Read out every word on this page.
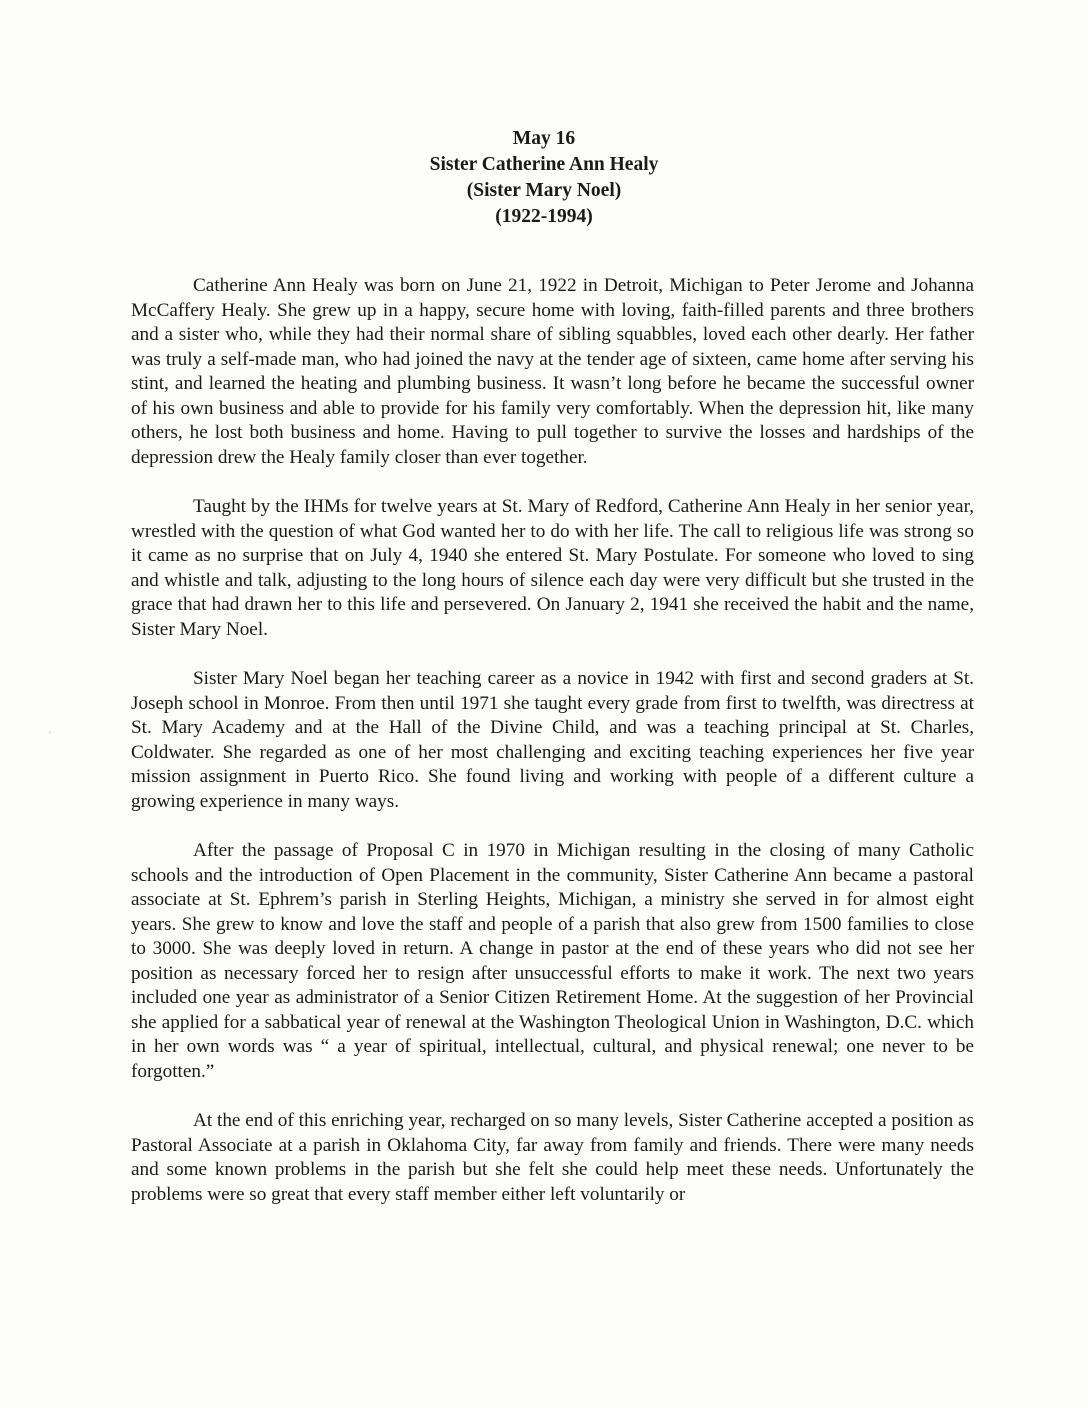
ˏ
May 16
Sister Catherine Ann Healy
(Sister Mary Noel)
(1922-1994)

Catherine Ann Healy was born on June 21, 1922 in Detroit, Michigan to Peter Jerome and Johanna McCaffery Healy. She grew up in a happy, secure home with loving, faith-filled parents and three brothers and a sister who, while they had their normal share of sibling squabbles, loved each other dearly. Her father was truly a self-made man, who had joined the navy at the tender age of sixteen, came home after serving his stint, and learned the heating and plumbing business. It wasn’t long before he became the successful owner of his own business and able to provide for his family very comfortably. When the depression hit, like many others, he lost both business and home. Having to pull together to survive the losses and hardships of the depression drew the Healy family closer than ever together.

Taught by the IHMs for twelve years at St. Mary of Redford, Catherine Ann Healy in her senior year, wrestled with the question of what God wanted her to do with her life. The call to religious life was strong so it came as no surprise that on July 4, 1940 she entered St. Mary Postulate. For someone who loved to sing and whistle and talk, adjusting to the long hours of silence each day were very difficult but she trusted in the grace that had drawn her to this life and persevered. On January 2, 1941 she received the habit and the name, Sister Mary Noel.

Sister Mary Noel began her teaching career as a novice in 1942 with first and second graders at St. Joseph school in Monroe. From then until 1971 she taught every grade from first to twelfth, was directress at St. Mary Academy and at the Hall of the Divine Child, and was a teaching principal at St. Charles, Coldwater. She regarded as one of her most challenging and exciting teaching experiences her five year mission assignment in Puerto Rico. She found living and working with people of a different culture a growing experience in many ways.

After the passage of Proposal C in 1970 in Michigan resulting in the closing of many Catholic schools and the introduction of Open Placement in the community, Sister Catherine Ann became a pastoral associate at St. Ephrem’s parish in Sterling Heights, Michigan, a ministry she served in for almost eight years. She grew to know and love the staff and people of a parish that also grew from 1500 families to close to 3000. She was deeply loved in return. A change in pastor at the end of these years who did not see her position as necessary forced her to resign after unsuccessful efforts to make it work. The next two years included one year as administrator of a Senior Citizen Retirement Home. At the suggestion of her Provincial she applied for a sabbatical year of renewal at the Washington Theological Union in Washington, D.C. which in her own words was “ a year of spiritual, intellectual, cultural, and physical renewal; one never to be forgotten.”

At the end of this enriching year, recharged on so many levels, Sister Catherine accepted a position as Pastoral Associate at a parish in Oklahoma City, far away from family and friends. There were many needs and some known problems in the parish but she felt she could help meet these needs. Unfortunately the problems were so great that every staff member either left voluntarily or
